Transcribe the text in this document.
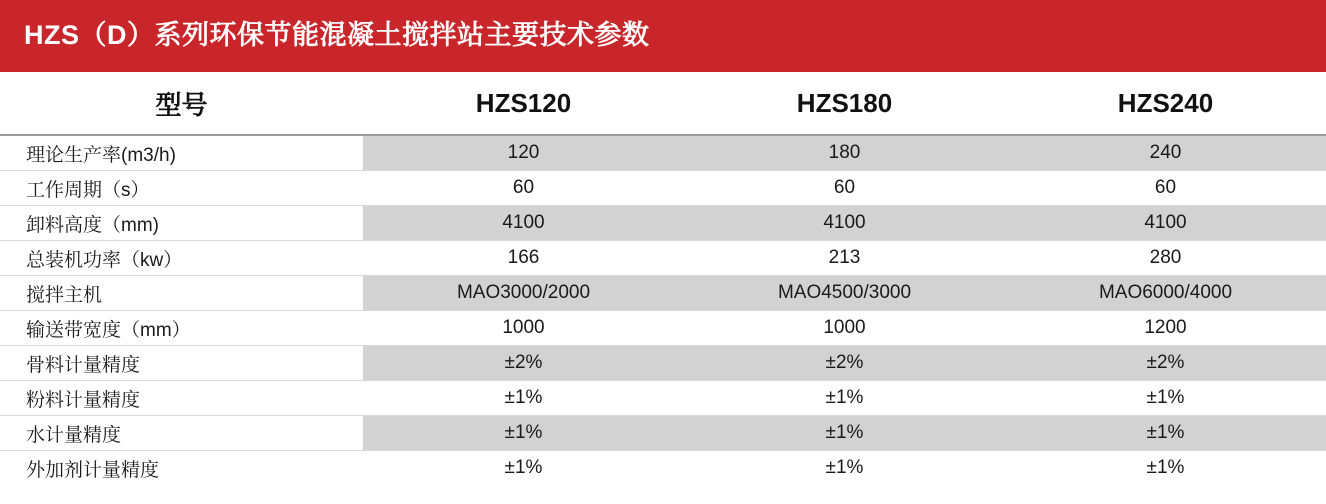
HZS（D）系列环保节能混凝土搅拌站主要技术参数
型号	HZS120	HZS180	HZS240
理论生产率(m3/h)	120	180	240
工作周期（s）	60	60	60
卸料高度（mm)	4100	4100	4100
总装机功率（kw）	166	213	280
搅拌主机	MAO3000/2000	MAO4500/3000	MAO6000/4000
输送带宽度（mm）	1000	1000	1200
骨料计量精度	±2%	±2%	±2%
粉料计量精度	±1%	±1%	±1%
水计量精度	±1%	±1%	±1%
外加剂计量精度	±1%	±1%	±1%
